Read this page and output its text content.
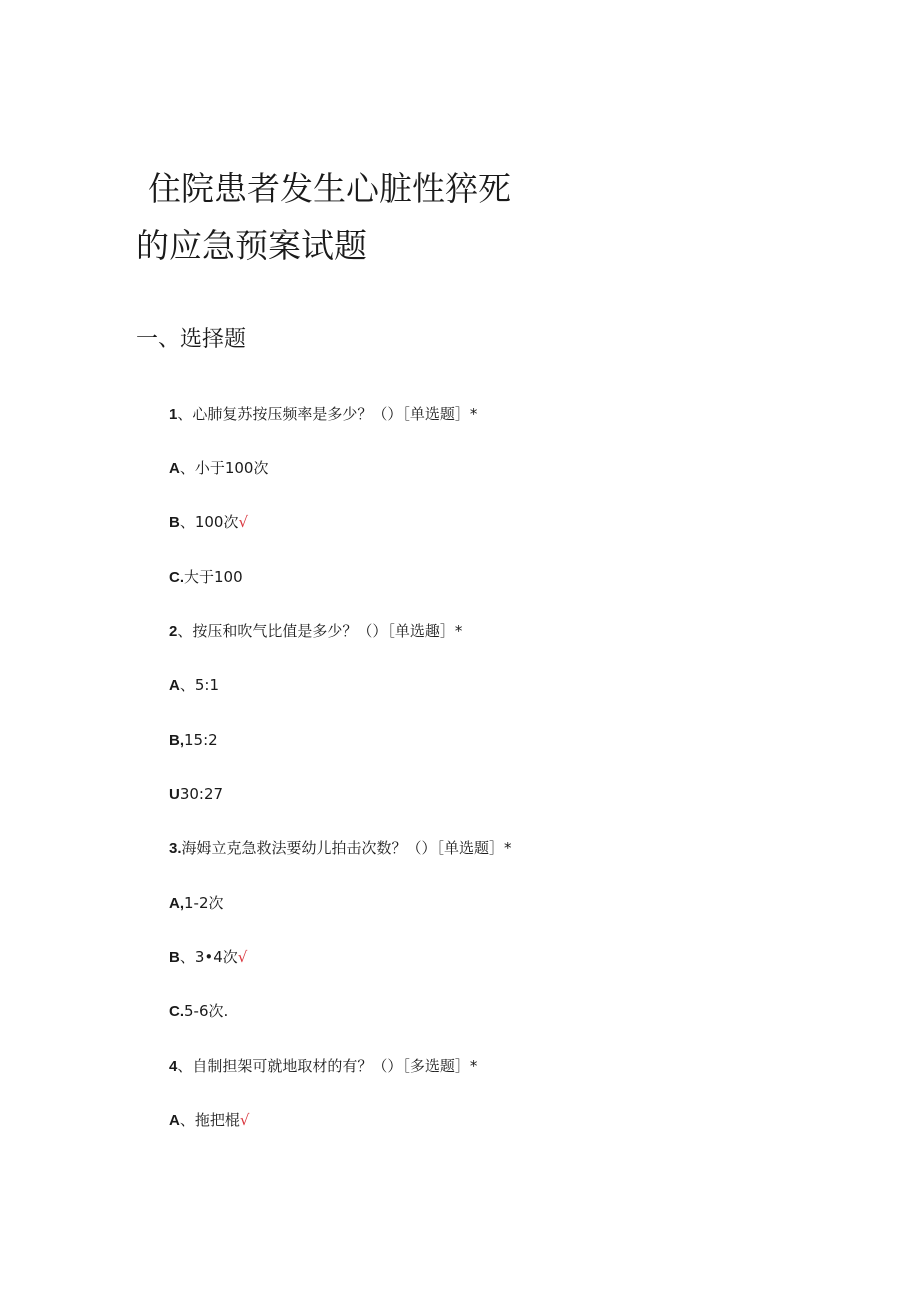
住院患者发生心脏性猝死
的应急预案试题
一、选择题
1、心肺复苏按压频率是多少？（）［单选题］*
A、小于100次
B、100次√
C.大于100
2、按压和吹气比值是多少？（）［单选趣］*
A、5:1
B,15:2
U30:27
3.海姆立克急救法要幼儿拍击次数？（）［单选题］*
A,1-2次
B、3•4次√
C.5-6次.
4、自制担架可就地取材的有？（）［多选题］*
A、拖把棍√
